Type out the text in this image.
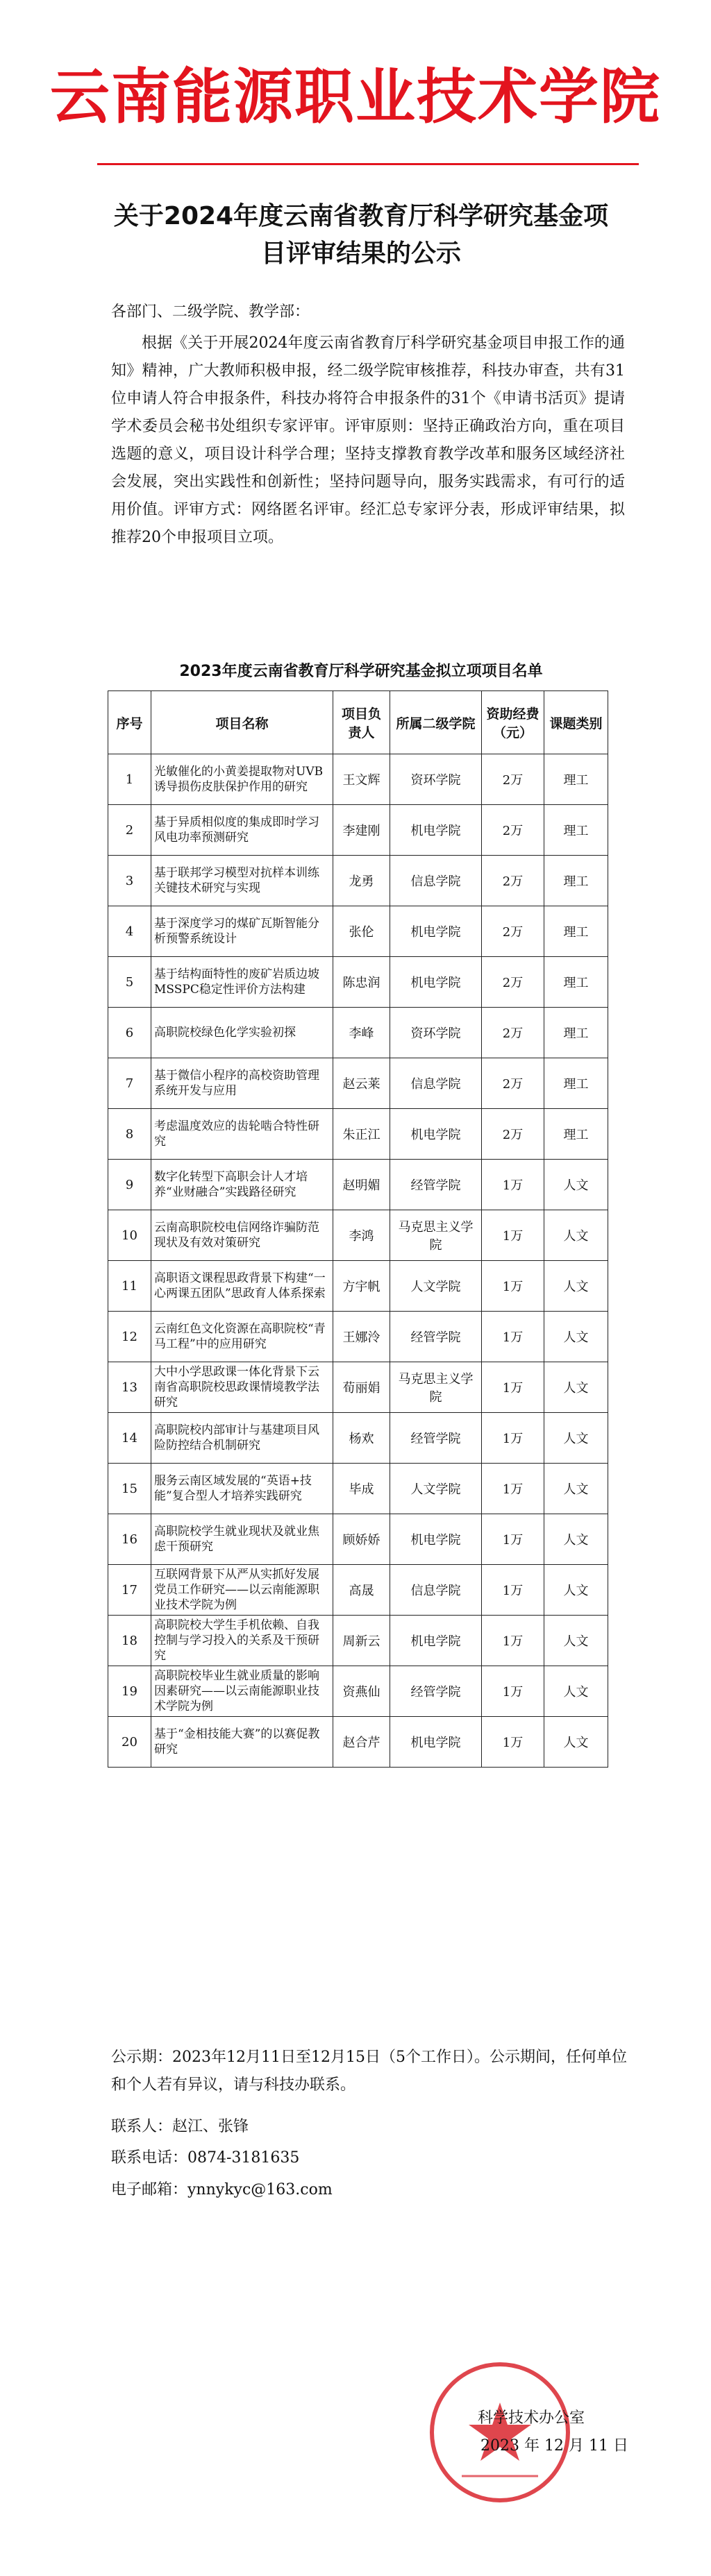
云南能源职业技术学院
关于2024年度云南省教育厅科学研究基金项目评审结果的公示
各部门、二级学院、教学部：
根据《关于开展2024年度云南省教育厅科学研究基金项目申报工作的通知》精神，广大教师积极申报，经二级学院审核推荐，科技办审查，共有31位申请人符合申报条件，科技办将符合申报条件的31个《申请书活页》提请学术委员会秘书处组织专家评审。评审原则：坚持正确政治方向，重在项目选题的意义，项目设计科学合理；坚持支撑教育教学改革和服务区域经济社会发展，突出实践性和创新性；坚持问题导向，服务实践需求，有可行的适用价值。评审方式：网络匿名评审。经汇总专家评分表，形成评审结果，拟推荐20个申报项目立项。
2023年度云南省教育厅科学研究基金拟立项项目名单
序号	项目名称	项目负责人	所属二级学院	资助经费（元）	课题类别
1	光敏催化的小黄姜提取物对UVB诱导损伤皮肤保护作用的研究	王文辉	资环学院	2万	理工
2	基于异质相似度的集成即时学习风电功率预测研究	李建刚	机电学院	2万	理工
3	基于联邦学习模型对抗样本训练关键技术研究与实现	龙勇	信息学院	2万	理工
4	基于深度学习的煤矿瓦斯智能分析预警系统设计	张伦	机电学院	2万	理工
5	基于结构面特性的废矿岩质边坡MSSPC稳定性评价方法构建	陈忠润	机电学院	2万	理工
6	高职院校绿色化学实验初探	李峰	资环学院	2万	理工
7	基于微信小程序的高校资助管理系统开发与应用	赵云莱	信息学院	2万	理工
8	考虑温度效应的齿轮啮合特性研究	朱正江	机电学院	2万	理工
9	数字化转型下高职会计人才培养“业财融合”实践路径研究	赵明媚	经管学院	1万	人文
10	云南高职院校电信网络诈骗防范现状及有效对策研究	李鸿	马克思主义学院	1万	人文
11	高职语文课程思政背景下构建“一心两课五团队”思政育人体系探索	方宇帆	人文学院	1万	人文
12	云南红色文化资源在高职院校“青马工程”中的应用研究	王娜泠	经管学院	1万	人文
13	大中小学思政课一体化背景下云南省高职院校思政课情境教学法研究	荀丽娟	马克思主义学院	1万	人文
14	高职院校内部审计与基建项目风险防控结合机制研究	杨欢	经管学院	1万	人文
15	服务云南区域发展的“英语+技能”复合型人才培养实践研究	毕成	人文学院	1万	人文
16	高职院校学生就业现状及就业焦虑干预研究	顾娇娇	机电学院	1万	人文
17	互联网背景下从严从实抓好发展党员工作研究——以云南能源职业技术学院为例	高晟	信息学院	1万	人文
18	高职院校大学生手机依赖、自我控制与学习投入的关系及干预研究	周新云	机电学院	1万	人文
19	高职院校毕业生就业质量的影响因素研究——以云南能源职业技术学院为例	资燕仙	经管学院	1万	人文
20	基于“金相技能大赛”的以赛促教研究	赵合芹	机电学院	1万	人文
公示期：2023年12月11日至12月15日（5个工作日）。公示期间，任何单位和个人若有异议，请与科技办联系。
联系人：赵江、张锋
联系电话：0874-3181635
电子邮箱：ynnykyc@163.com
科学技术办公室
2023 年 12 月 11 日
